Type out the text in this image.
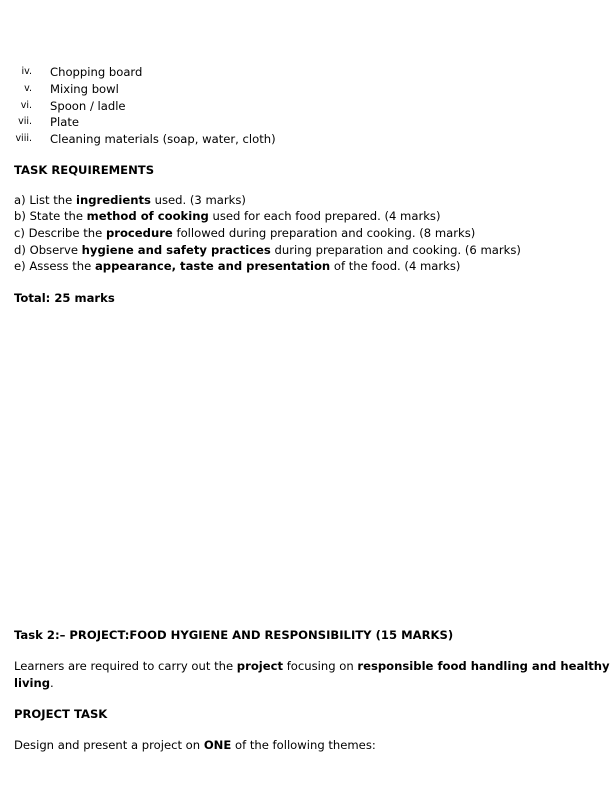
iv. Chopping board
v. Mixing bowl
vi. Spoon / ladle
vii. Plate
viii. Cleaning materials (soap, water, cloth)
TASK REQUIREMENTS
a) List the ingredients used. (3 marks)
b) State the method of cooking used for each food prepared. (4 marks)
c) Describe the procedure followed during preparation and cooking. (8 marks)
d) Observe hygiene and safety practices during preparation and cooking. (6 marks)
e) Assess the appearance, taste and presentation of the food. (4 marks)
Total: 25 marks
Task 2:– PROJECT:FOOD HYGIENE AND RESPONSIBILITY (15 MARKS)
Learners are required to carry out the project focusing on responsible food handling and healthy
living.
PROJECT TASK
Design and present a project on ONE of the following themes:
